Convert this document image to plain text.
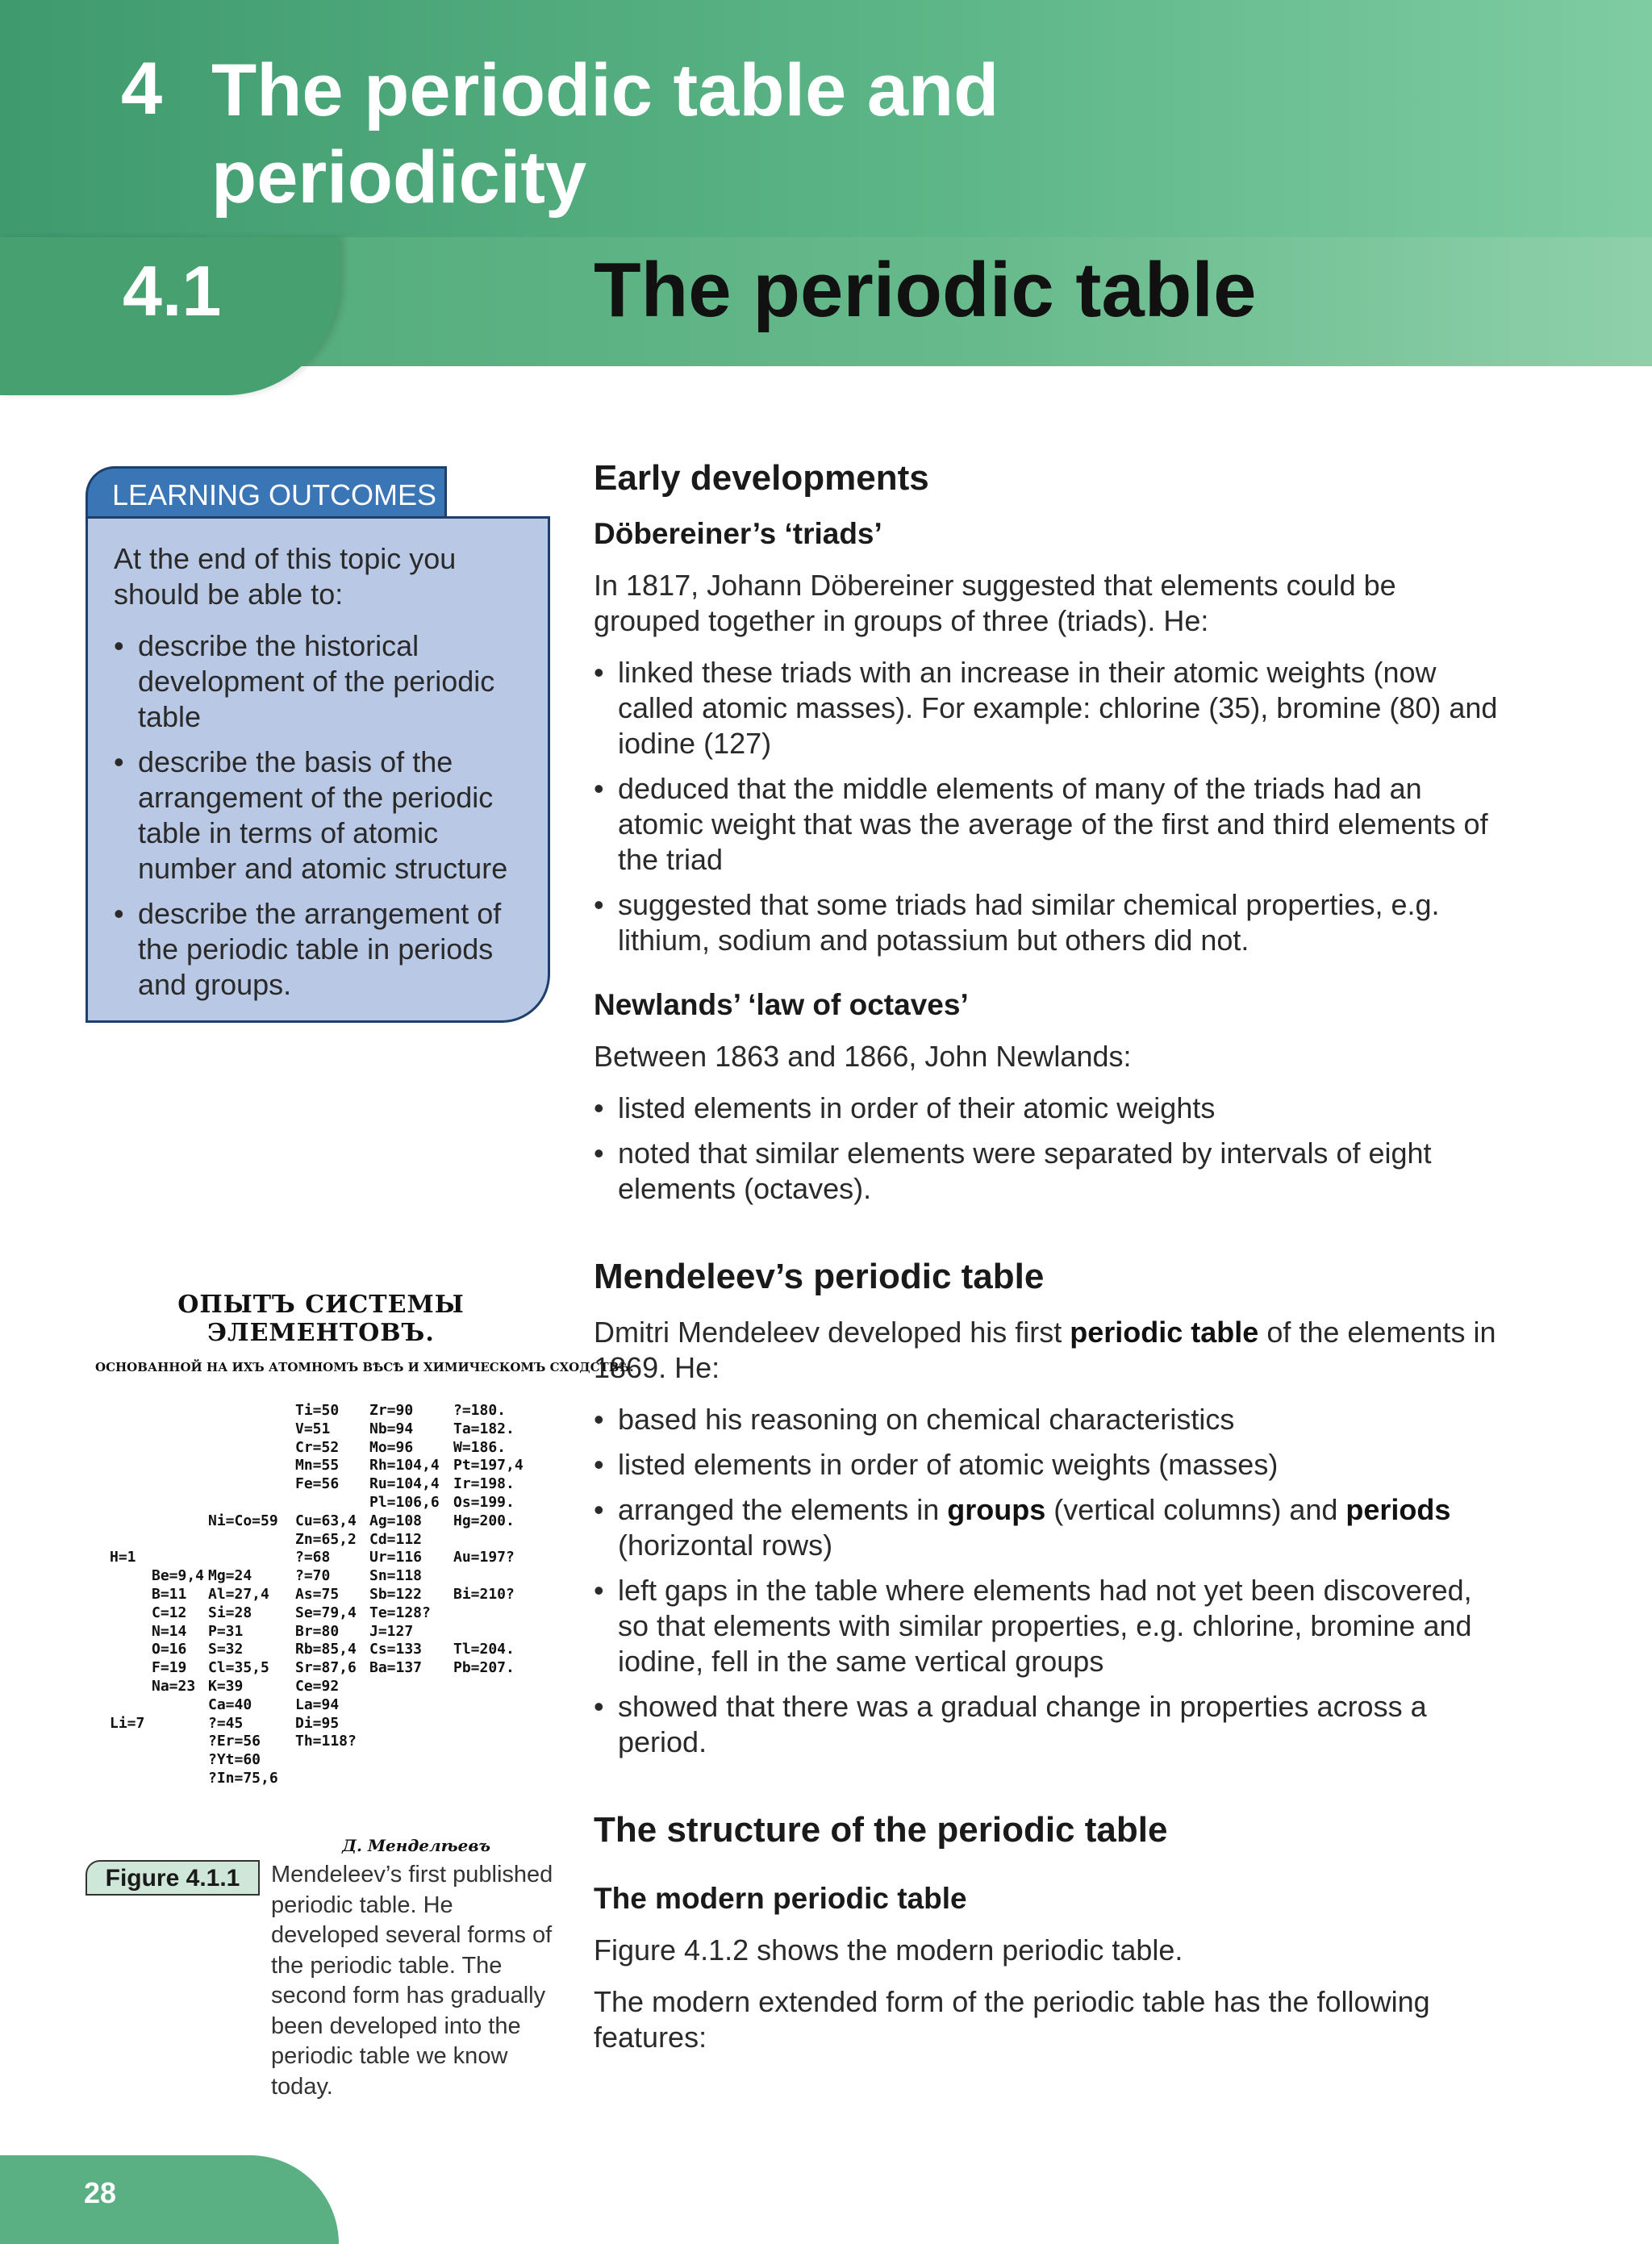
4 The periodic table and periodicity
4.1	The periodic table
LEARNING OUTCOMES
At the end of this topic you should be able to:
• describe the historical development of the periodic table
• describe the basis of the arrangement of the periodic table in terms of atomic number and atomic structure
• describe the arrangement of the periodic table in periods and groups.
Early developments
Döbereiner’s ‘triads’

In 1817, Johann Döbereiner suggested that elements could be grouped together in groups of three (triads). He:

• linked these triads with an increase in their atomic weights (now called atomic masses). For example: chlorine (35), bromine (80) and iodine (127)
• deduced that the middle elements of many of the triads had an atomic weight that was the average of the first and third elements of the triad
• suggested that some triads had similar chemical properties, e.g. lithium, sodium and potassium but others did not.
Newlands’ ‘law of octaves’

Between 1863 and 1866, John Newlands:

• listed elements in order of their atomic weights
• noted that similar elements were separated by intervals of eight elements (octaves).
Mendeleev’s periodic table

Dmitri Mendeleev developed his first periodic table of the elements in 1869. He:

• based his reasoning on chemical characteristics
• listed elements in order of atomic weights (masses)
• arranged the elements in groups (vertical columns) and periods (horizontal rows)
• left gaps in the table where elements had not yet been discovered, so that elements with similar properties, e.g. chlorine, bromine and iodine, fell in the same vertical groups
• showed that there was a gradual change in properties across a period.
The structure of the periodic table
The modern periodic table

Figure 4.1.2 shows the modern periodic table.

The modern extended form of the periodic table has the following features:

ОПЫТЪ СИСТЕМЫ ЭЛЕМЕНТОВЪ.
ОСНОВАННОЙ НА ИХЪ АТОМНОМЪ ВѢСѢ И ХИМИЧЕСКОМЪ СХОДСТВѢ.

H=1

Li=7

Be=9,4
B=11
C=12
N=14
O=16
F=19
Na=23

Ni=Co=59

Mg=24
Al=27,4
Si=28
P=31
S=32
Cl=35,5
K=39
Ca=40
?=45
?Er=56
?Yt=60
?In=75,6
Ti=50
V=51
Cr=52
Mn=55
Fe=56

Cu=63,4
Zn=65,2
?=68
?=70
As=75
Se=79,4
Br=80
Rb=85,4
Sr=87,6
Ce=92
La=94
Di=95
Th=118?
Zr=90
Nb=94
Mo=96
Rh=104,4
Ru=104,4
Pl=106,6
Ag=108
Cd=112
Ur=116
Sn=118
Sb=122
Te=128?
J=127
Cs=133
Ba=137
?=180.
Ta=182.
W=186.
Pt=197,4
Ir=198.
Os=199.
Hg=200.

Au=197?

Bi=210?

Tl=204.
Pb=207.
Д. Менделѣевъ
Figure 4.1.1	Mendeleev’s first published periodic table. He developed several forms of the periodic table. The second form has gradually been developed into the periodic table we know today.
28
